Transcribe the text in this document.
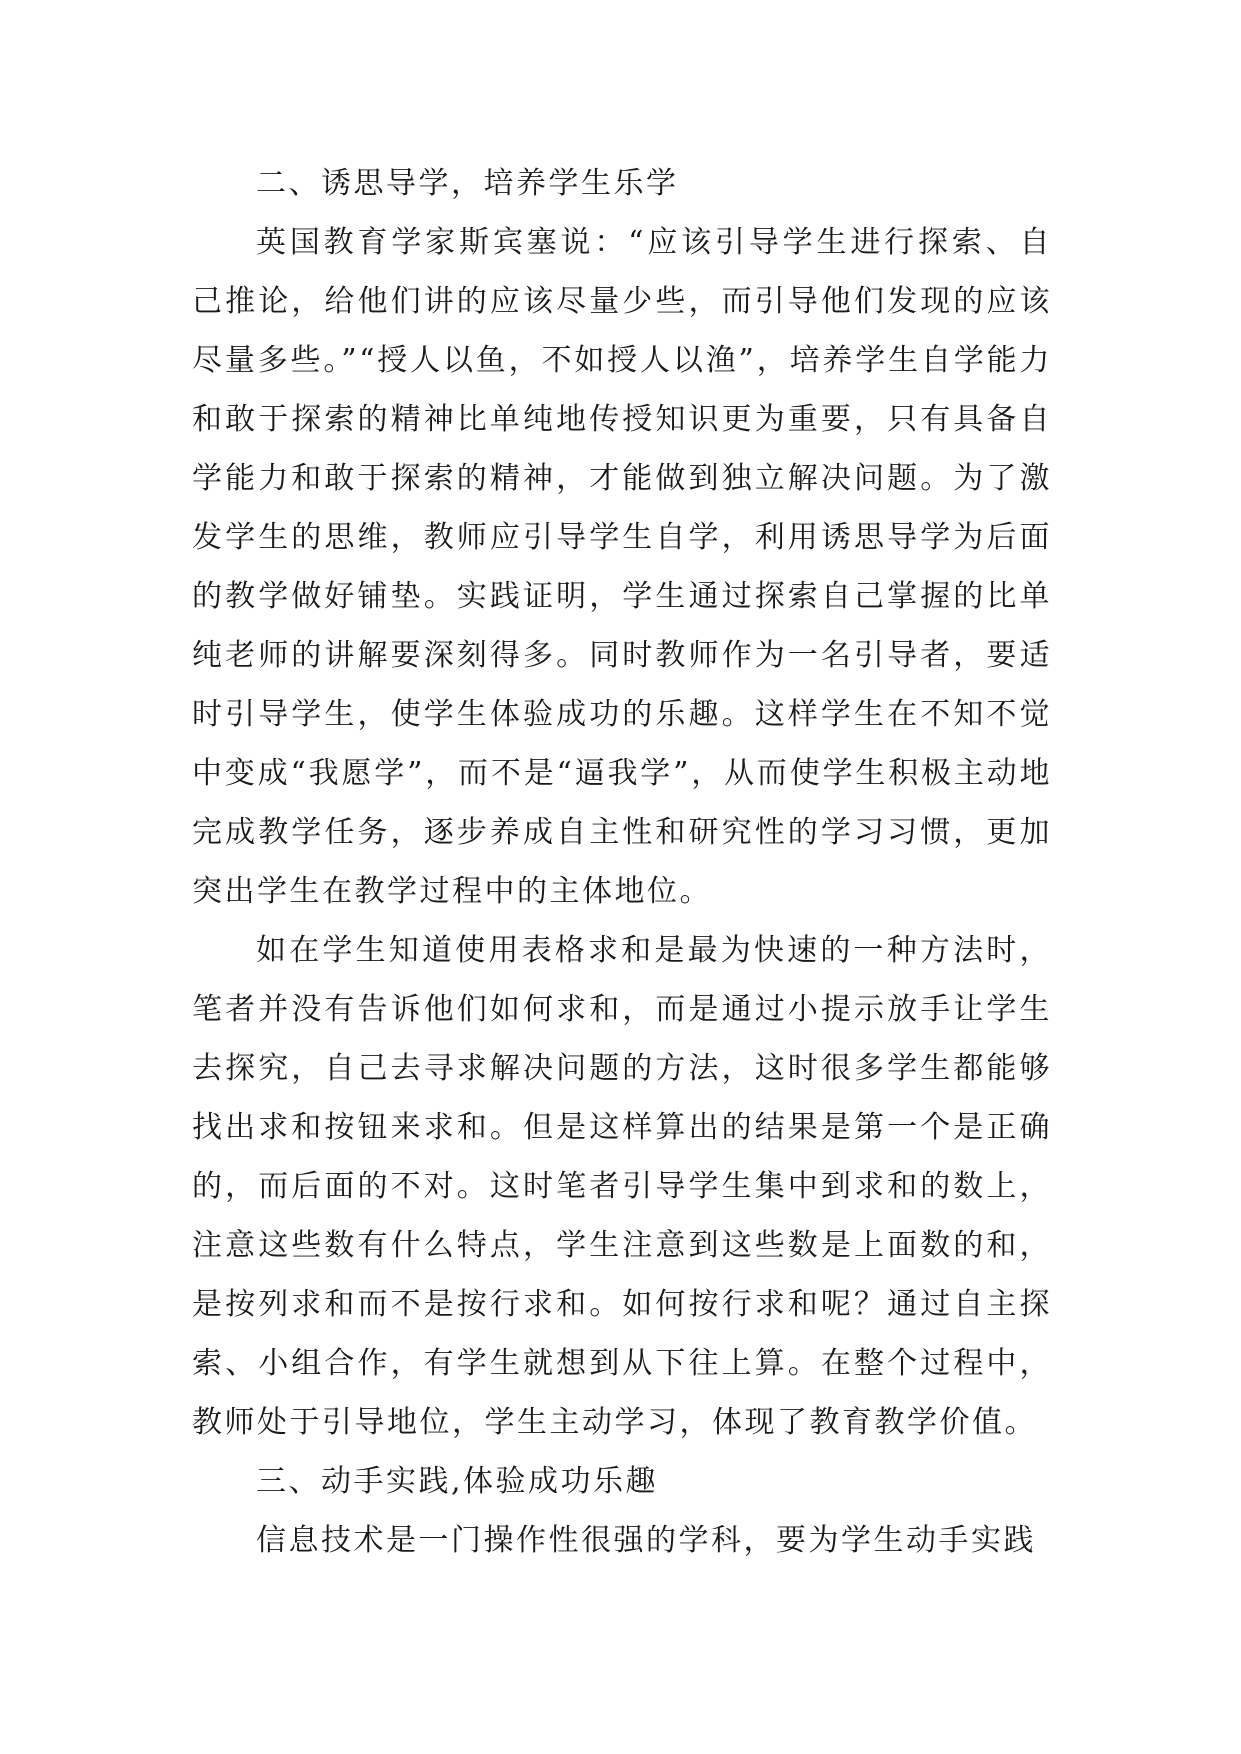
二、诱思导学，培养学生乐学

英国教育学家斯宾塞说：“应该引导学生进行探索、自己推论，给他们讲的应该尽量少些，而引导他们发现的应该尽量多些。”“授人以鱼，不如授人以渔”，培养学生自学能力和敢于探索的精神比单纯地传授知识更为重要，只有具备自学能力和敢于探索的精神，才能做到独立解决问题。为了激发学生的思维，教师应引导学生自学，利用诱思导学为后面的教学做好铺垫。实践证明，学生通过探索自己掌握的比单纯老师的讲解要深刻得多。同时教师作为一名引导者，要适时引导学生，使学生体验成功的乐趣。这样学生在不知不觉中变成“我愿学”，而不是“逼我学”，从而使学生积极主动地完成教学任务，逐步养成自主性和研究性的学习习惯，更加突出学生在教学过程中的主体地位。

如在学生知道使用表格求和是最为快速的一种方法时，笔者并没有告诉他们如何求和，而是通过小提示放手让学生去探究，自己去寻求解决问题的方法，这时很多学生都能够找出求和按钮来求和。但是这样算出的结果是第一个是正确的，而后面的不对。这时笔者引导学生集中到求和的数上，注意这些数有什么特点，学生注意到这些数是上面数的和，是按列求和而不是按行求和。如何按行求和呢？通过自主探索、小组合作，有学生就想到从下往上算。在整个过程中，教师处于引导地位，学生主动学习，体现了教育教学价值。

三、动手实践,体验成功乐趣

信息技术是一门操作性很强的学科，要为学生动手实践
